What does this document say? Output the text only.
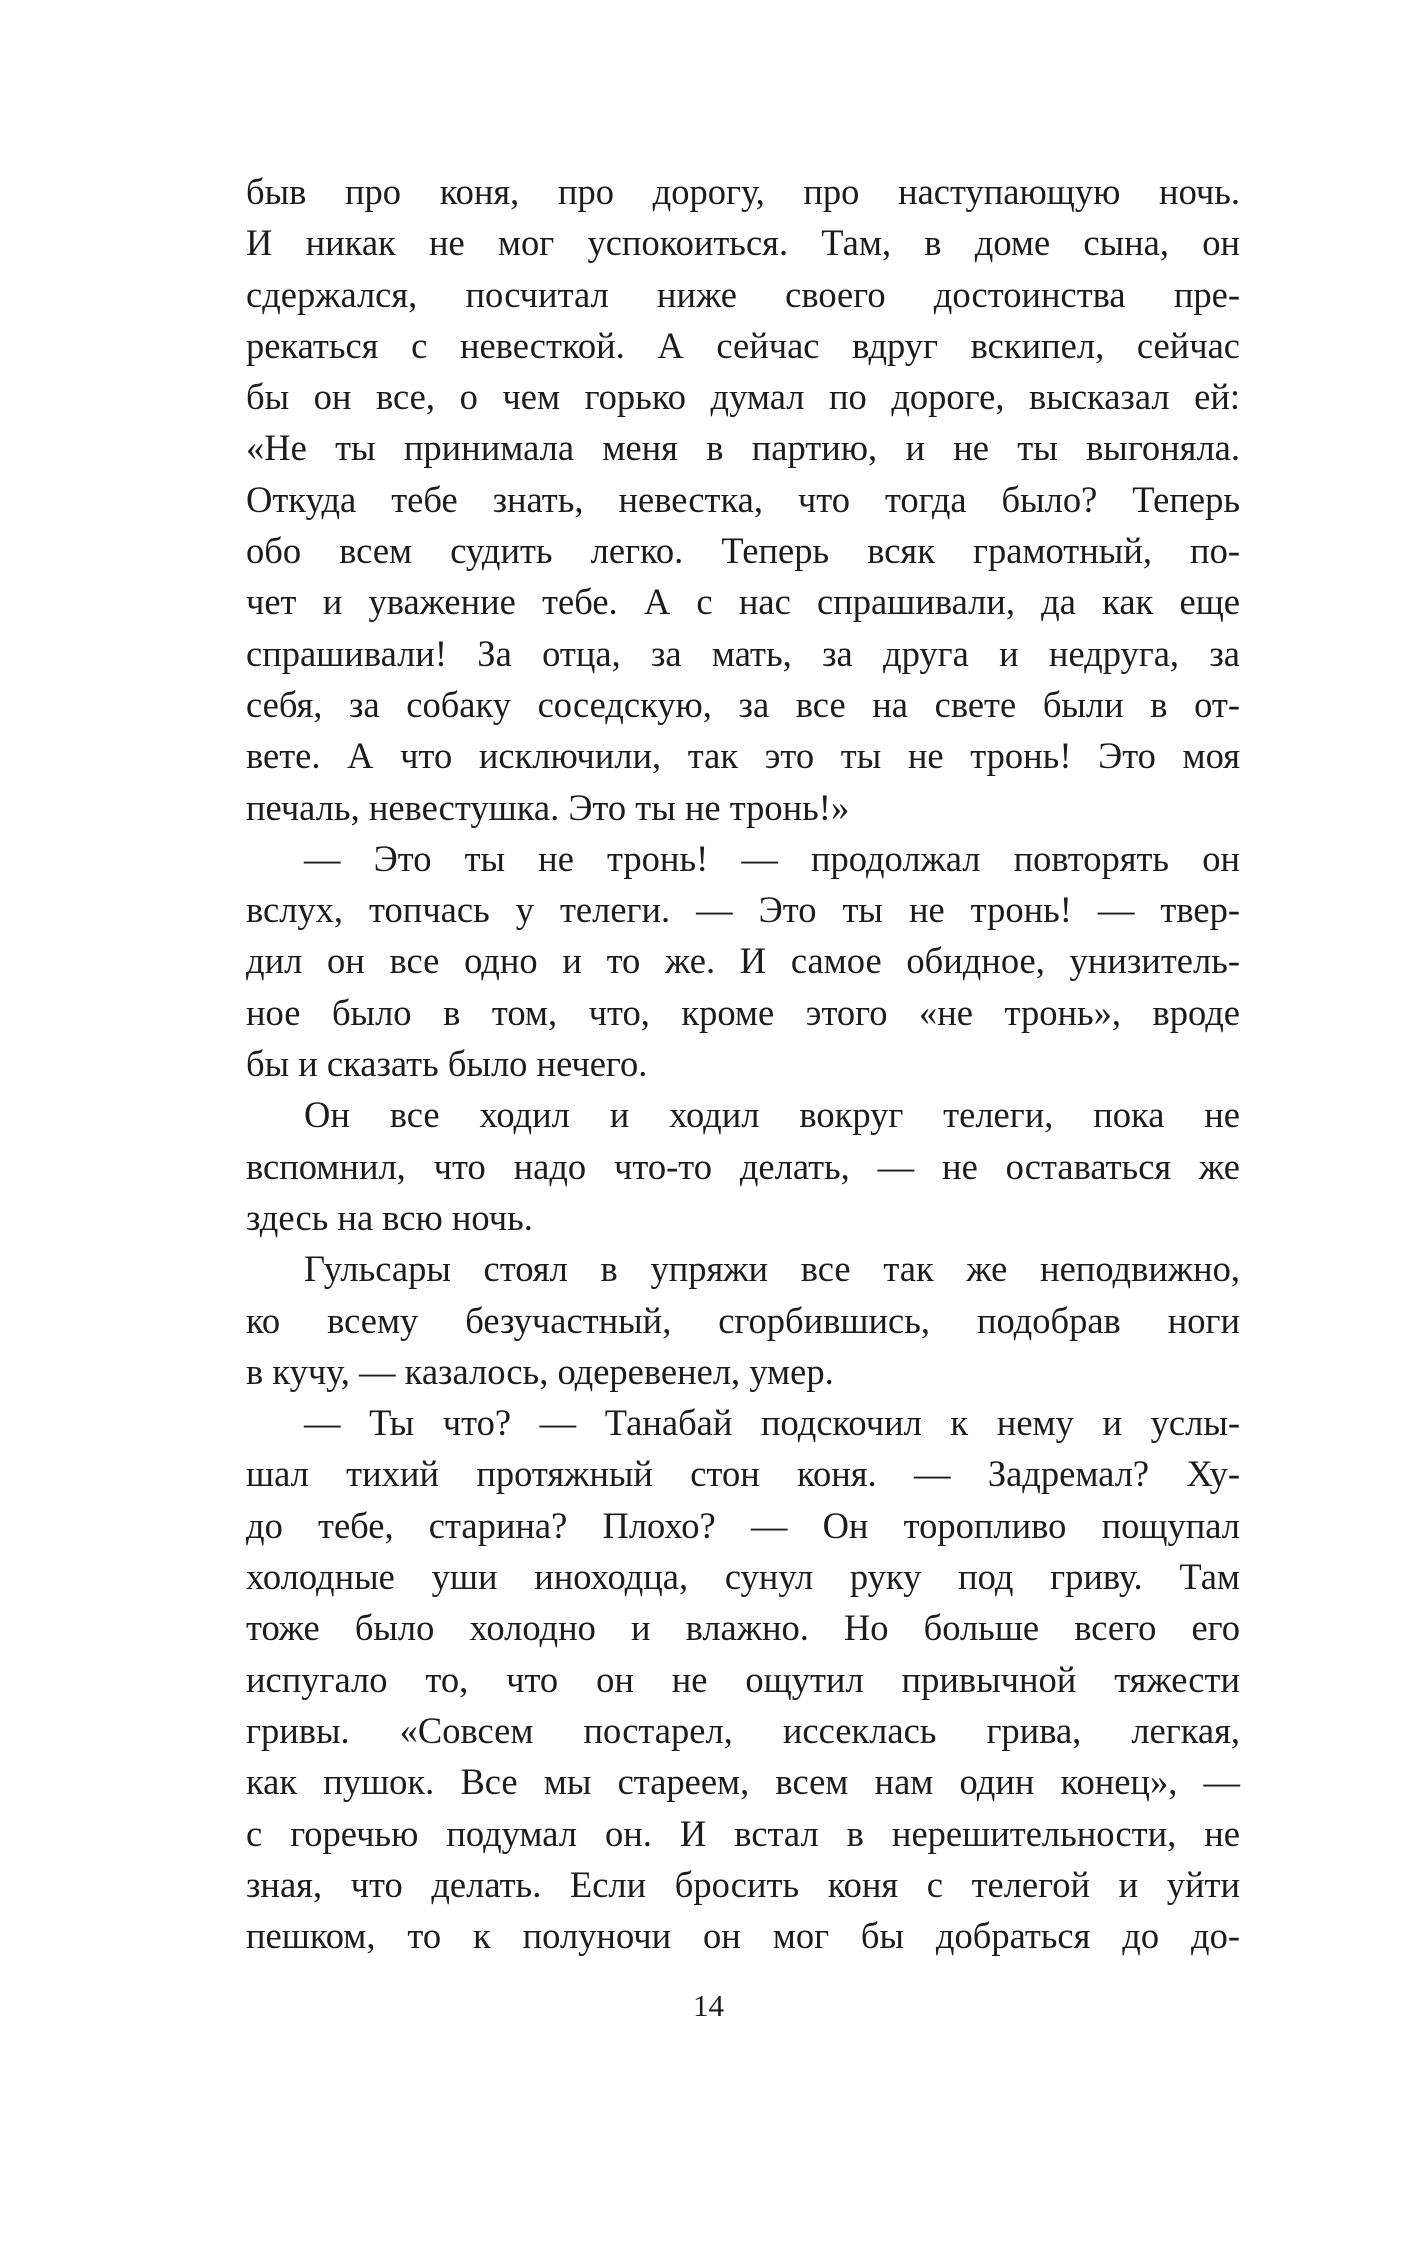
быв про коня, про дорогу, про наступающую ночь.
И никак не мог успокоиться. Там, в доме сына, он
сдержался, посчитал ниже своего достоинства пре-
рекаться с невесткой. А сейчас вдруг вскипел, сейчас
бы он все, о чем горько думал по дороге, высказал ей:
«Не ты принимала меня в партию, и не ты выгоняла.
Откуда тебе знать, невестка, что тогда было? Теперь
обо всем судить легко. Теперь всяк грамотный, по-
чет и уважение тебе. А с нас спрашивали, да как еще
спрашивали! За отца, за мать, за друга и недруга, за
себя, за собаку соседскую, за все на свете были в от-
вете. А что исключили, так это ты не тронь! Это моя
печаль, невестушка. Это ты не тронь!»
— Это ты не тронь! — продолжал повторять он
вслух, топчась у телеги. — Это ты не тронь! — твер-
дил он все одно и то же. И самое обидное, унизитель-
ное было в том, что, кроме этого «не тронь», вроде
бы и сказать было нечего.
Он все ходил и ходил вокруг телеги, пока не
вспомнил, что надо что-то делать, — не оставаться же
здесь на всю ночь.
Гульсары стоял в упряжи все так же неподвижно,
ко всему безучастный, сгорбившись, подобрав ноги
в кучу, — казалось, одеревенел, умер.
— Ты что? — Танабай подскочил к нему и услы-
шал тихий протяжный стон коня. — Задремал? Ху-
до тебе, старина? Плохо? — Он торопливо пощупал
холодные уши иноходца, сунул руку под гриву. Там
тоже было холодно и влажно. Но больше всего его
испугало то, что он не ощутил привычной тяжести
гривы. «Совсем постарел, иссеклась грива, легкая,
как пушок. Все мы стареем, всем нам один конец», —
с горечью подумал он. И встал в нерешительности, не
зная, что делать. Если бросить коня с телегой и уйти
пешком, то к полуночи он мог бы добраться до до-
14
